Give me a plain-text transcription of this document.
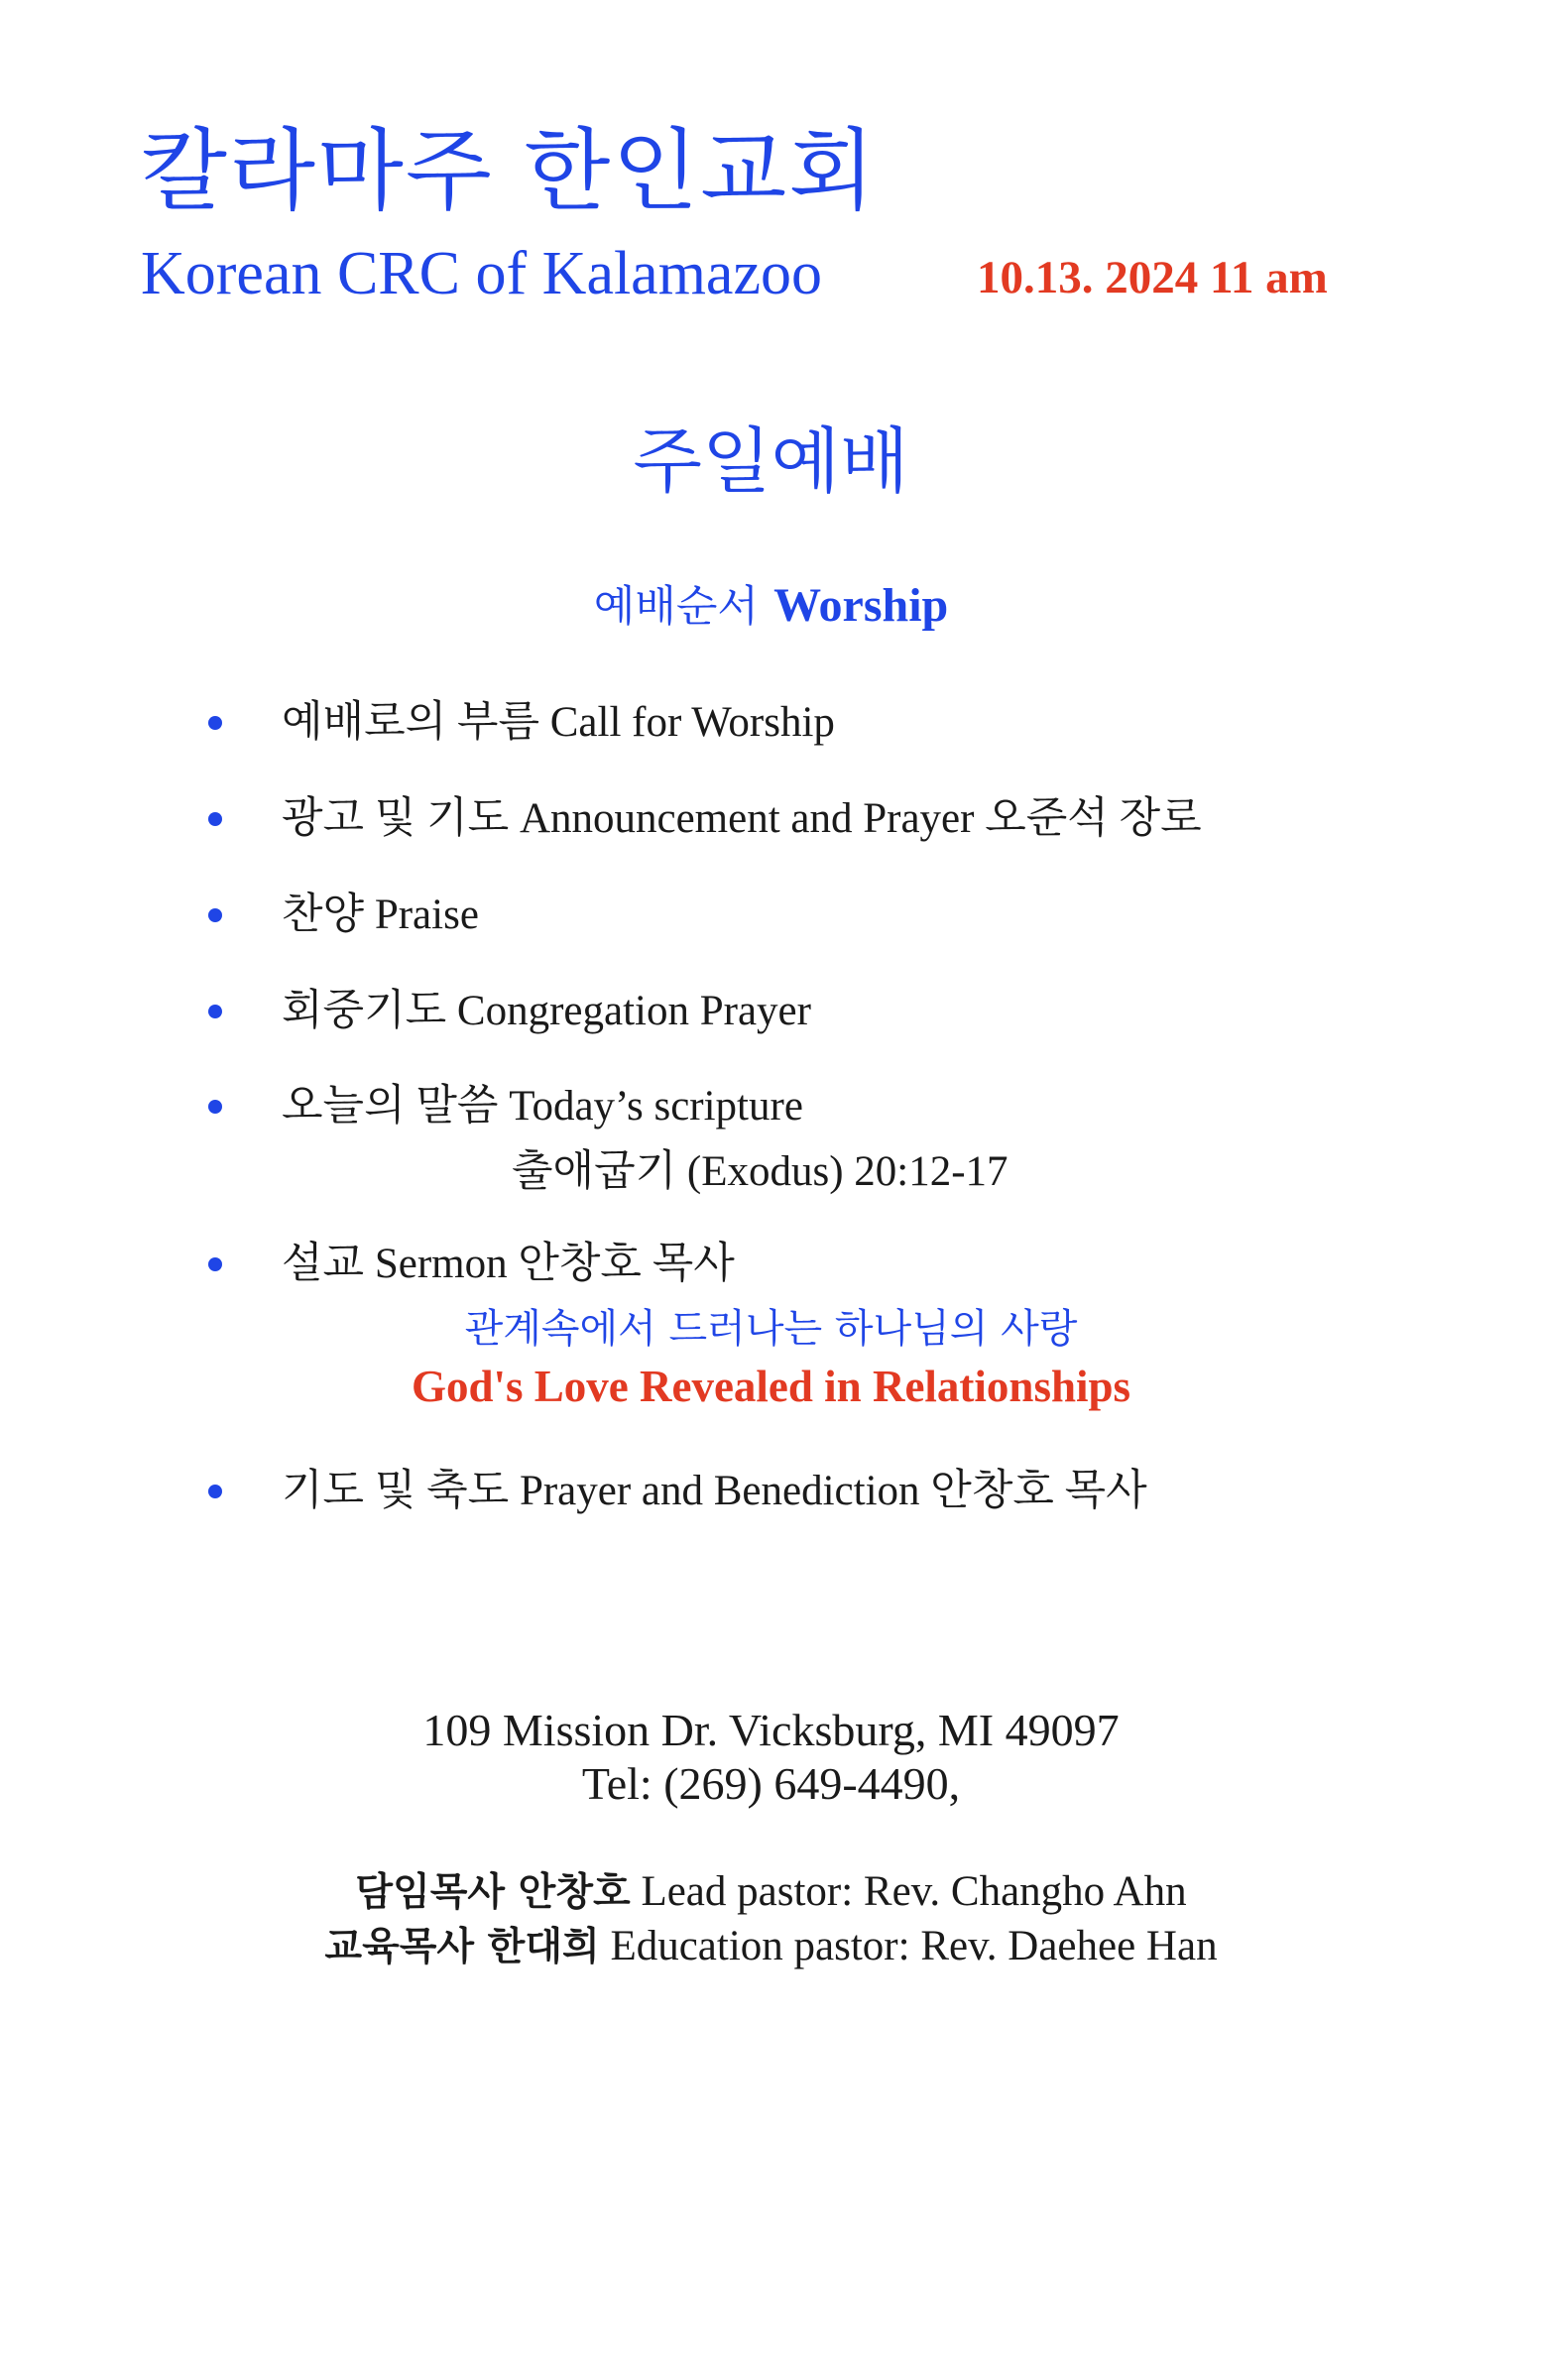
칼라마주 한인교회
Korean CRC of Kalamazoo	10.13. 2024 11 am
주일예배
예배순서 Worship
예배로의 부름 Call for Worship
광고 및 기도 Announcement and Prayer 오준석 장로
찬양 Praise
회중기도 Congregation Prayer
오늘의 말씀 Today’s scripture
출애굽기 (Exodus) 20:12-17
설교 Sermon 안창호 목사
관계속에서 드러나는 하나님의 사랑
God's Love Revealed in Relationships
기도 및 축도 Prayer and Benediction 안창호 목사
109 Mission Dr. Vicksburg, MI 49097
Tel: (269) 649-4490,
담임목사 안창호 Lead pastor: Rev. Changho Ahn
교육목사 한대희 Education pastor: Rev. Daehee Han
